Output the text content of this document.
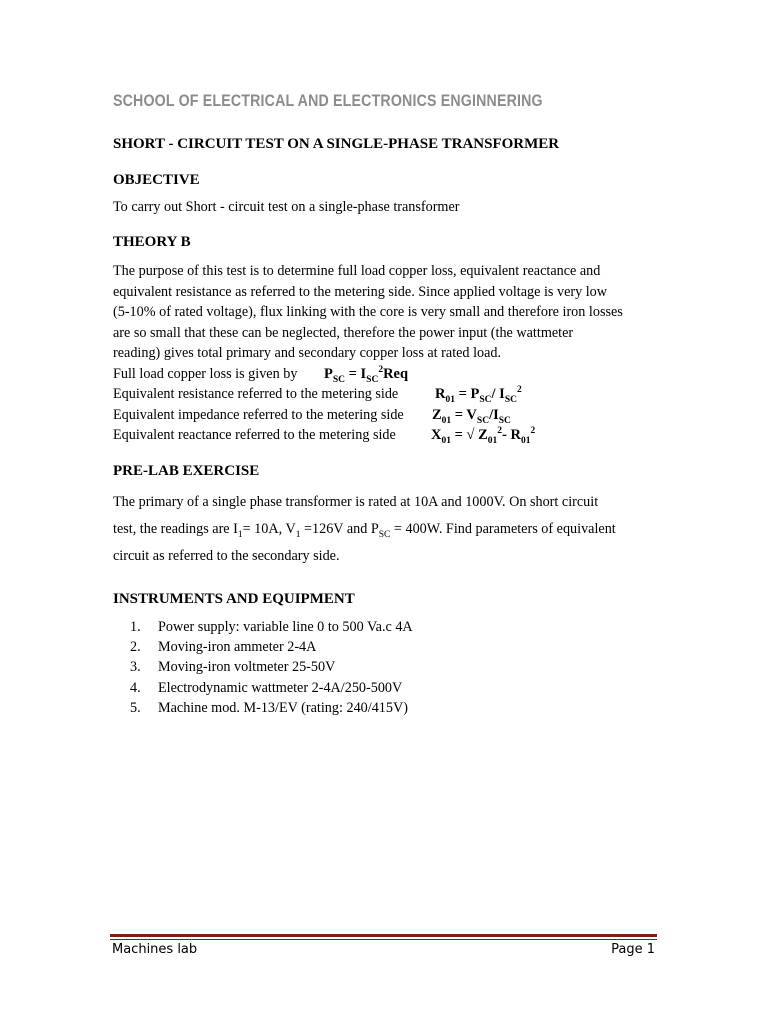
SCHOOL OF ELECTRICAL AND ELECTRONICS ENGINNERING
SHORT - CIRCUIT TEST ON A SINGLE-PHASE TRANSFORMER
OBJECTIVE
To carry out Short - circuit test on a single-phase transformer
THEORY B
The purpose of this test is to determine full load copper loss, equivalent reactance and
equivalent resistance as referred to the metering side. Since applied voltage is very low
(5-10% of rated voltage), flux linking with the core is very small and therefore iron losses
are so small that these can be neglected, therefore the power input (the wattmeter
reading) gives total primary and secondary copper loss at rated load.
Full load copper loss is given by $P_{SC} = I_{SC}^2Req$
Equivalent resistance referred to the metering side	$R_{01} = P_{SC}/$ $I_{SC}^2$
Equivalent impedance referred to the metering side $Z_{01} = V_{SC}/I_{SC}$
Equivalent reactance referred to the metering side $X_{01}$ = √ $Z_{01}^2-$ $R_{01}^2$
PRE-LAB EXERCISE
The primary of a single phase transformer is rated at 10A and 1000V. On short circuit
test, the readings are $I_1= 10A$, $V_1 =126V$ and $P_{SC} = 400W$. Find parameters of equivalent
circuit as referred to the secondary side.
INSTRUMENTS AND EQUIPMENT
1. Power supply: variable line 0 to 500 Va.c 4A
2. Moving-iron ammeter 2-4A
3. Moving-iron voltmeter 25-50V
4. Electrodynamic wattmeter 2-4A/250-500V
5. Machine mod. M-13/EV (rating: 240/415V)
Machines lab	Page 1
